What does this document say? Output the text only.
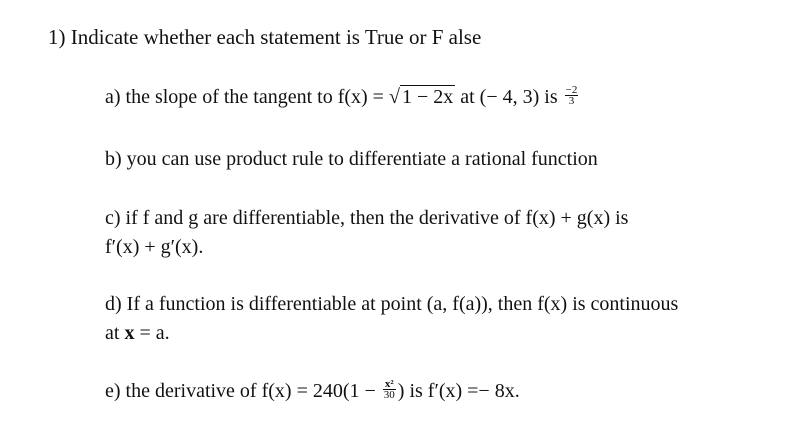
1) Indicate whether each statement is True or F alse
a) the slope of the tangent to f(x) = √ 1 − 2x at (− 4, 3) is $\frac{-2}{3}$
b) you can use product rule to differentiate a rational function
c) if f and g are differentiable, then the derivative of f(x) + g(x) is
f′(x) + g′(x).
d) If a function is differentiable at point (a, f(a)), then f(x) is continuous
at x = a.
e) the derivative of $f(x) = 240(1 - \frac{\text{x²}}{30}$ ) is f′(x) =− 8x.
